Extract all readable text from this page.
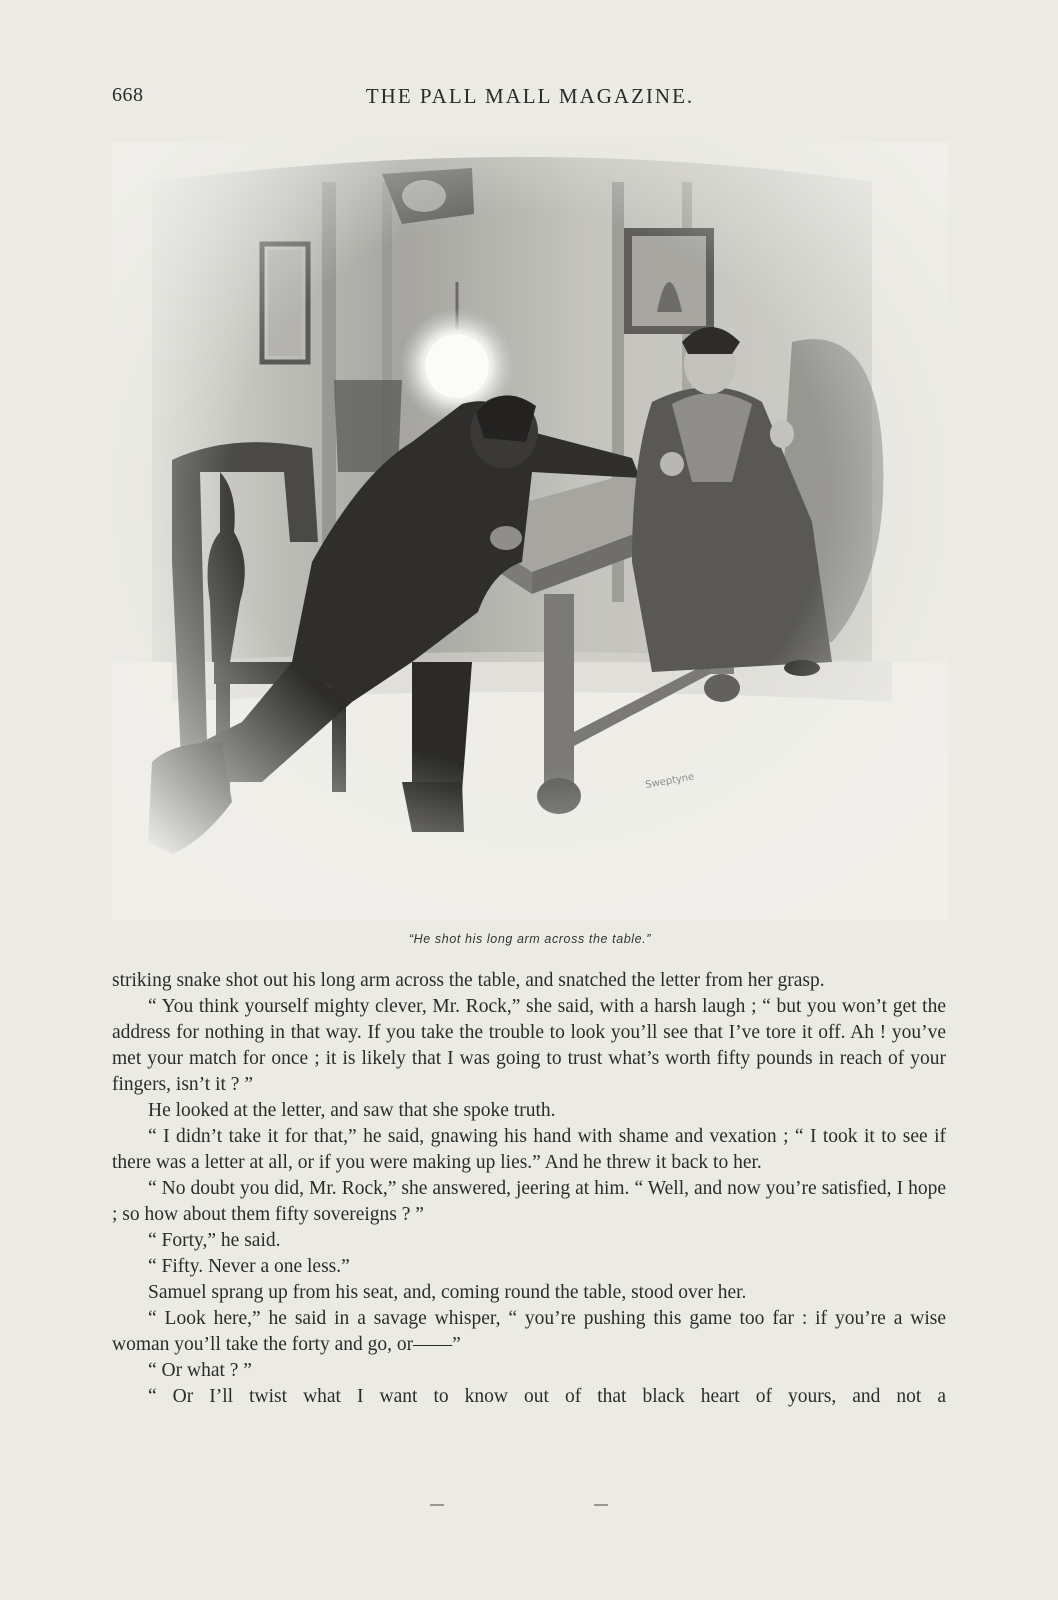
668	THE PALL MALL MAGAZINE.
“He shot his long arm across the table.”

striking snake shot out his long arm across the table, and snatched the letter from her grasp.

“ You think yourself mighty clever, Mr. Rock,” she said, with a harsh laugh ; “ but you won’t get the address for nothing in that way. If you take the trouble to look you’ll see that I’ve tore it off. Ah ! you’ve met your match for once ; it is likely that I was going to trust what’s worth fifty pounds in reach of your fingers, isn’t it ? ”

He looked at the letter, and saw that she spoke truth.

“ I didn’t take it for that,” he said, gnawing his hand with shame and vexation ; “ I took it to see if there was a letter at all, or if you were making up lies.” And he threw it back to her.

“ No doubt you did, Mr. Rock,” she answered, jeering at him. “ Well, and now you’re satisfied, I hope ; so how about them fifty sovereigns ? ”

“ Forty,” he said.

“ Fifty. Never a one less.”

Samuel sprang up from his seat, and, coming round the table, stood over her.

“ Look here,” he said in a savage whisper, “ you’re pushing this game too far : if you’re a wise woman you’ll take the forty and go, or——”

“ Or what ? ”

“ Or I’ll twist what I want to know out of that black heart of yours, and not a
